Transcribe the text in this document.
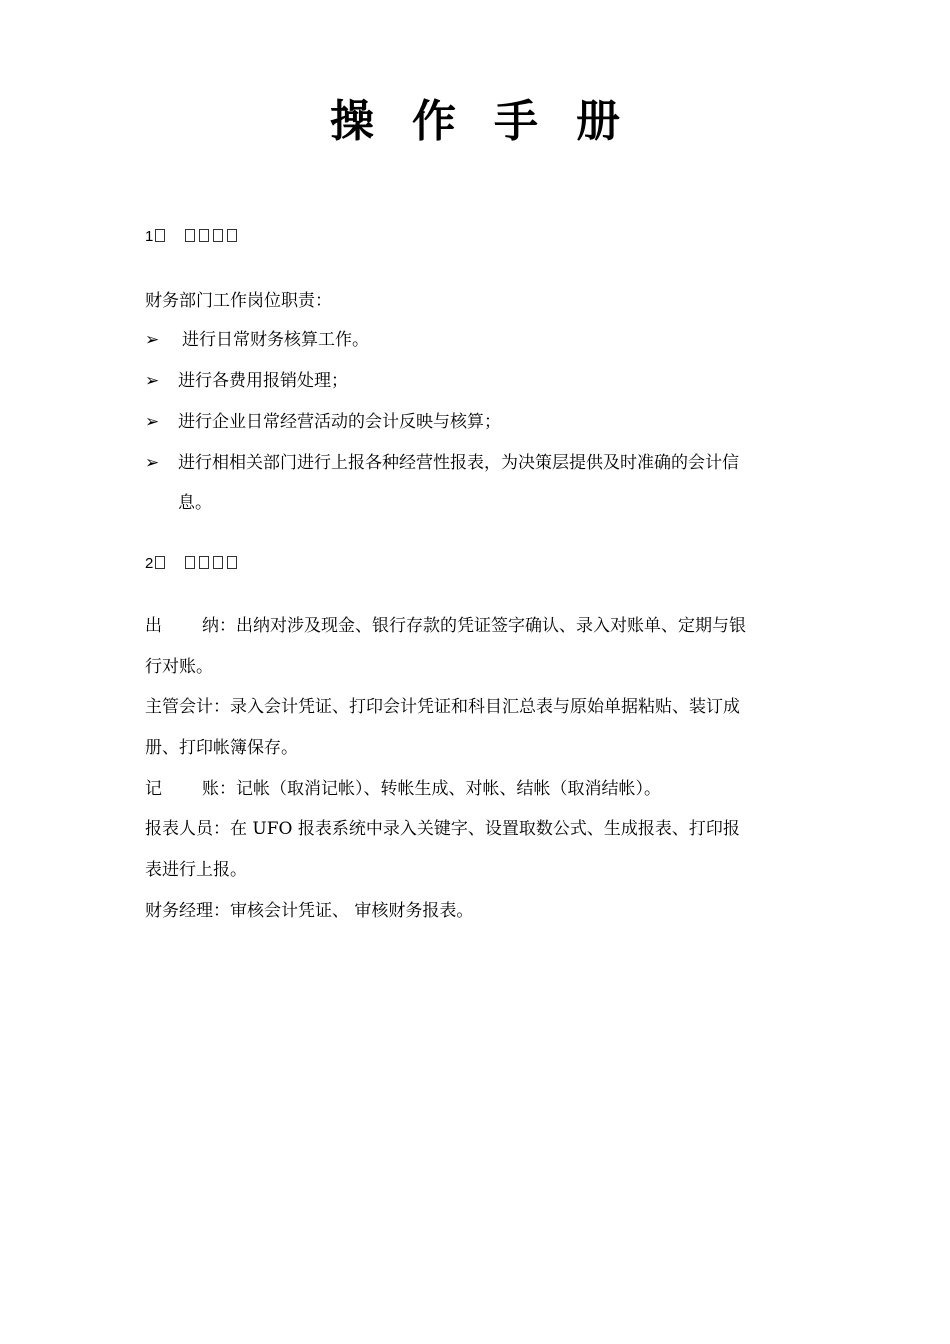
操作手册
1
财务部门工作岗位职责：
➢	进行日常财务核算工作。
➢	进行各费用报销处理；
➢	进行企业日常经营活动的会计反映与核算；
➢	进行相相关部门进行上报各种经营性报表，为决策层提供及时准确的会计信
息。
2
出 纳：出纳对涉及现金、银行存款的凭证签字确认、录入对账单、定期与银
行对账。
主管会计：录入会计凭证、打印会计凭证和科目汇总表与原始单据粘贴、装订成
册、打印帐簿保存。
记 账：记帐（取消记帐）、转帐生成、对帐、结帐（取消结帐）。
报表人员：在 UFO 报表系统中录入关键字、设置取数公式、生成报表、打印报
表进行上报。
财务经理：审核会计凭证、 审核财务报表。
